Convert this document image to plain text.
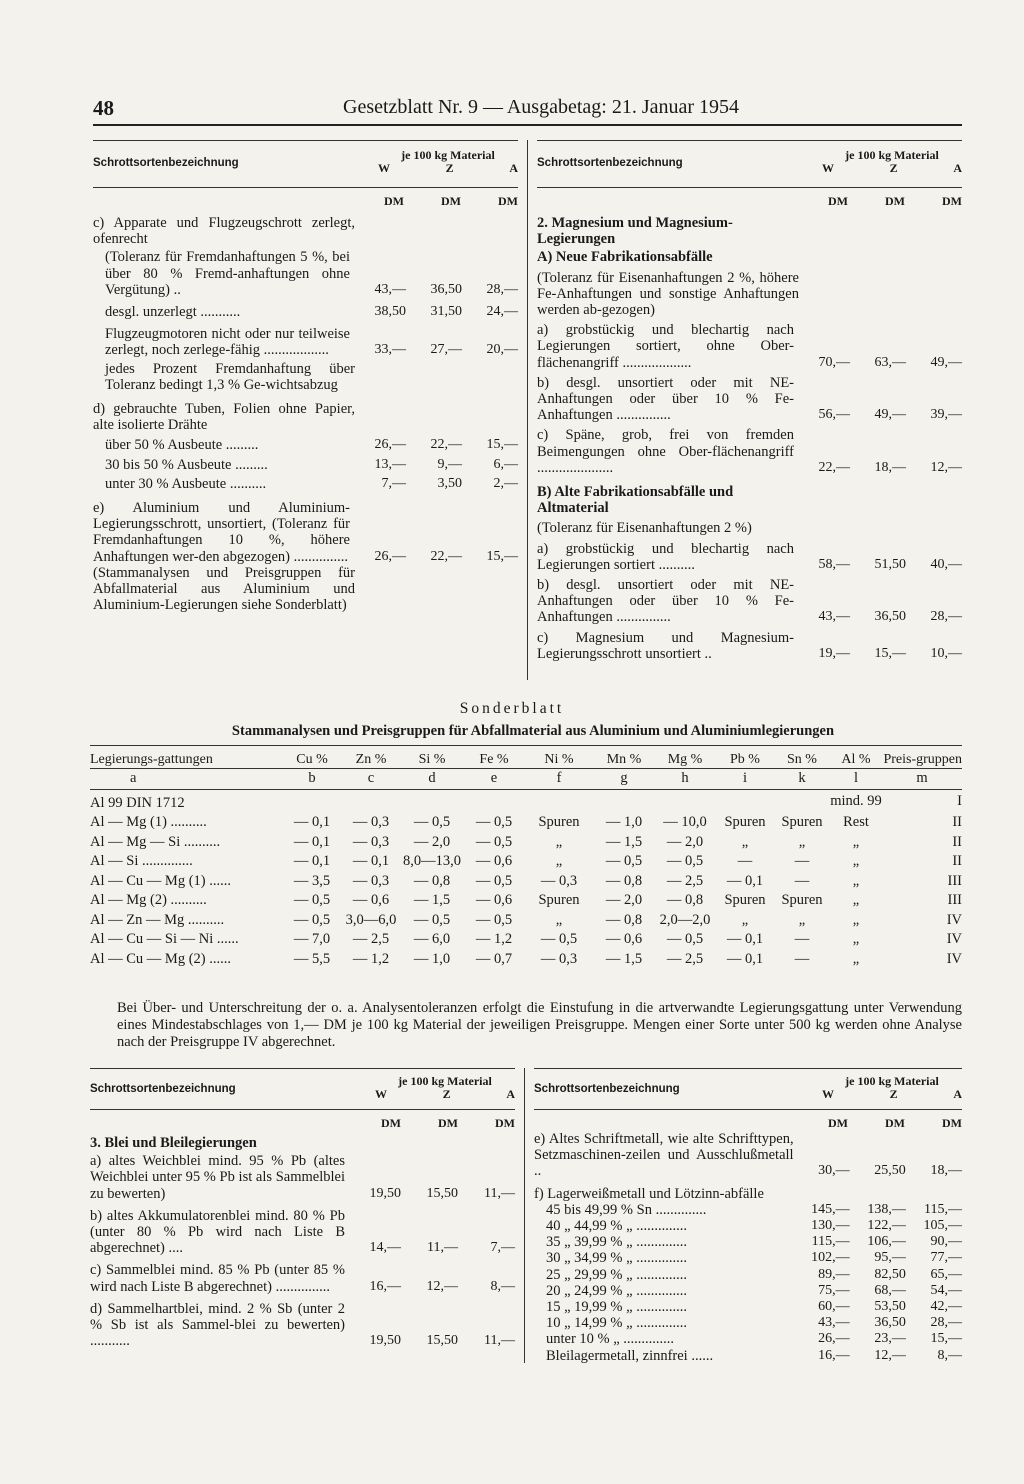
48	Gesetzblatt Nr. 9 — Ausgabetag: 21. Januar 1954
Schrottsortenbezeichnung
je 100 kg Material
W	Z	A
DM	DM	DM
c) Apparate und Flugzeugschrott zerlegt, ofenrecht
(Toleranz für Fremdanhaftungen 5 %, bei über 80 % Fremd-anhaftungen ohne Vergütung) ..	43,—	36,50	28,—
desgl. unzerlegt ...........	38,50	31,50	24,—
Flugzeugmotoren nicht oder nur teilweise zerlegt, noch zerlege-fähig ..................	33,—	27,—	20,—
jedes Prozent Fremdanhaftung über Toleranz bedingt 1,3 % Ge-wichtsabzug
d) gebrauchte Tuben, Folien ohne Papier, alte isolierte Drähte
über 50 % Ausbeute .........	26,—	22,—	15,—
30 bis 50 % Ausbeute .........	13,—	9,—	6,—
unter 30 % Ausbeute ..........	7,—	3,50	2,—
e) Aluminium und Aluminium-Legierungsschrott, unsortiert, (Toleranz für Fremdanhaftungen 10 %, höhere Anhaftungen wer-den abgezogen) ...............	26,—	22,—	15,—
(Stammanalysen und Preisgruppen für Abfallmaterial aus Aluminium und Aluminium-Legierungen siehe Sonderblatt)
Schrottsortenbezeichnung
je 100 kg Material
W	Z	A
DM	DM	DM
2. Magnesium und Magnesium-Legierungen
A) Neue Fabrikationsabfälle
(Toleranz für Eisenanhaftungen 2 %, höhere Fe-Anhaftungen und sonstige Anhaftungen werden ab-gezogen)
a) grobstückig und blechartig nach Legierungen sortiert, ohne Ober-flächenangriff ...................	70,—	63,—	49,—
b) desgl. unsortiert oder mit NE-Anhaftungen oder über 10 % Fe-Anhaftungen ...............	56,—	49,—	39,—
c) Späne, grob, frei von fremden Beimengungen ohne Ober-flächenangriff .....................	22,—	18,—	12,—
B) Alte Fabrikationsabfälle und Altmaterial
(Toleranz für Eisenanhaftungen 2 %)
a) grobstückig und blechartig nach Legierungen sortiert ..........	58,—	51,50	40,—
b) desgl. unsortiert oder mit NE-Anhaftungen oder über 10 % Fe-Anhaftungen ...............	43,—	36,50	28,—
c) Magnesium und Magnesium-Legierungsschrott unsortiert ..	19,—	15,—	10,—
Sonderblatt
Stammanalysen und Preisgruppen für Abfallmaterial aus Aluminium und Aluminiumlegierungen
Legierungs-gattungen	Cu %	Zn %	Si %	Fe %	Ni %	Mn %	Mg %	Pb %	Sn %	Al %	Preis-gruppen
a	b	c	d	e	f	g	h	i	k	l	m
Al 99 DIN 1712										mind. 99	I
Al — Mg (1) ..........	— 0,1	— 0,3	— 0,5	— 0,5	Spuren	— 1,0	— 10,0	Spuren	Spuren	Rest	II
Al — Mg — Si ..........	— 0,1	— 0,3	— 2,0	— 0,5	„	— 1,5	— 2,0	„	„	„	II
Al — Si ..............	— 0,1	— 0,1	8,0—13,0	— 0,6	„	— 0,5	— 0,5	—	—	„	II
Al — Cu — Mg (1) ......	— 3,5	— 0,3	— 0,8	— 0,5	— 0,3	— 0,8	— 2,5	— 0,1	—	„	III
Al — Mg (2) ..........	— 0,5	— 0,6	— 1,5	— 0,6	Spuren	— 2,0	— 0,8	Spuren	Spuren	„	III
Al — Zn — Mg ..........	— 0,5	3,0—6,0	— 0,5	— 0,5	„	— 0,8	2,0—2,0	„	„	„	IV
Al — Cu — Si — Ni ......	— 7,0	— 2,5	— 6,0	— 1,2	— 0,5	— 0,6	— 0,5	— 0,1	—	„	IV
Al — Cu — Mg (2) ......	— 5,5	— 1,2	— 1,0	— 0,7	— 0,3	— 1,5	— 2,5	— 0,1	—	„	IV
Bei Über- und Unterschreitung der o. a. Analysentoleranzen erfolgt die Einstufung in die artverwandte Legierungsgattung unter Verwendung eines Mindestabschlages von 1,— DM je 100 kg Material der jeweiligen Preisgruppe. Mengen einer Sorte unter 500 kg werden ohne Analyse nach der Preisgruppe IV abgerechnet.
Schrottsortenbezeichnung
je 100 kg Material
W	Z	A
DM	DM	DM
3. Blei und Bleilegierungen
a) altes Weichblei mind. 95 % Pb (altes Weichblei unter 95 % Pb ist als Sammelblei zu bewerten)	19,50	15,50	11,—
b) altes Akkumulatorenblei mind. 80 % Pb (unter 80 % Pb wird nach Liste B abgerechnet) ....	14,—	11,—	7,—
c) Sammelblei mind. 85 % Pb (unter 85 % wird nach Liste B abgerechnet) ...............	16,—	12,—	8,—
d) Sammelhartblei, mind. 2 % Sb (unter 2 % Sb ist als Sammel-blei zu bewerten) ...........	19,50	15,50	11,—
Schrottsortenbezeichnung
je 100 kg Material
W	Z	A
DM	DM	DM
e) Altes Schriftmetall, wie alte Schrifttypen, Setzmaschinen-zeilen und Ausschlußmetall ..	30,—	25,50	18,—
f) Lagerweißmetall und Lötzinn-abfälle
45 bis 49,99 % Sn ..............	145,—	138,—	115,—
40 „ 44,99 % „ ..............	130,—	122,—	105,—
35 „ 39,99 % „ ..............	115,—	106,—	90,—
30 „ 34,99 % „ ..............	102,—	95,—	77,—
25 „ 29,99 % „ ..............	89,—	82,50	65,—
20 „ 24,99 % „ ..............	75,—	68,—	54,—
15 „ 19,99 % „ ..............	60,—	53,50	42,—
10 „ 14,99 % „ ..............	43,—	36,50	28,—
unter 10 % „ ..............	26,—	23,—	15,—
Bleilagermetall, zinnfrei ......	16,—	12,—	8,—
